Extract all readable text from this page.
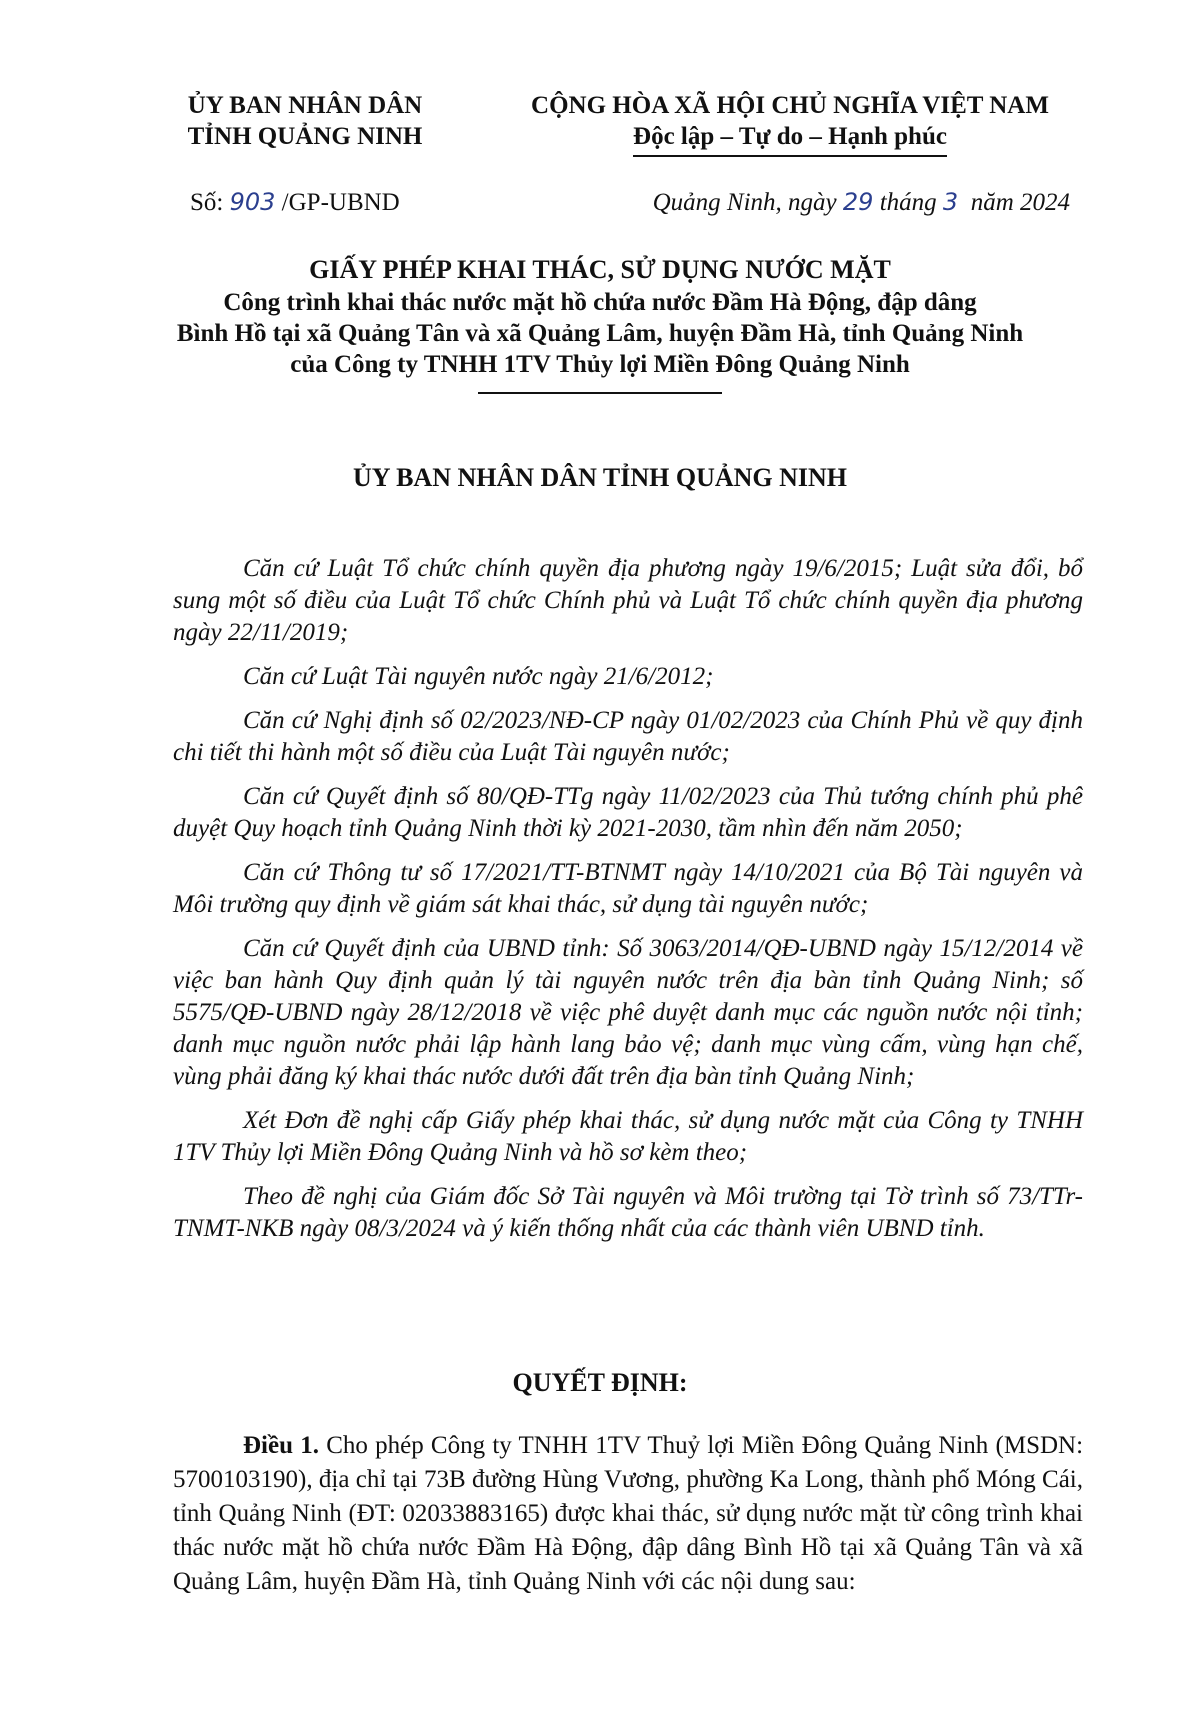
ỦY BAN NHÂN DÂN
TỈNH QUẢNG NINH
CỘNG HÒA XÃ HỘI CHỦ NGHĨA VIỆT NAM
Độc lập – Tự do – Hạnh phúc
Số: 903 /GP-UBND	Quảng Ninh, ngày 29 tháng 3 năm 2024
GIẤY PHÉP KHAI THÁC, SỬ DỤNG NƯỚC MẶT
Công trình khai thác nước mặt hồ chứa nước Đầm Hà Động, đập dâng
Bình Hồ tại xã Quảng Tân và xã Quảng Lâm, huyện Đầm Hà, tỉnh Quảng Ninh
của Công ty TNHH 1TV Thủy lợi Miền Đông Quảng Ninh
ỦY BAN NHÂN DÂN TỈNH QUẢNG NINH

Căn cứ Luật Tổ chức chính quyền địa phương ngày 19/6/2015; Luật sửa đổi, bổ sung một số điều của Luật Tổ chức Chính phủ và Luật Tổ chức chính quyền địa phương ngày 22/11/2019;

Căn cứ Luật Tài nguyên nước ngày 21/6/2012;

Căn cứ Nghị định số 02/2023/NĐ-CP ngày 01/02/2023 của Chính Phủ về quy định chi tiết thi hành một số điều của Luật Tài nguyên nước;

Căn cứ Quyết định số 80/QĐ-TTg ngày 11/02/2023 của Thủ tướng chính phủ phê duyệt Quy hoạch tỉnh Quảng Ninh thời kỳ 2021-2030, tầm nhìn đến năm 2050;

Căn cứ Thông tư số 17/2021/TT-BTNMT ngày 14/10/2021 của Bộ Tài nguyên và Môi trường quy định về giám sát khai thác, sử dụng tài nguyên nước;

Căn cứ Quyết định của UBND tỉnh: Số 3063/2014/QĐ-UBND ngày 15/12/2014 về việc ban hành Quy định quản lý tài nguyên nước trên địa bàn tỉnh Quảng Ninh; số 5575/QĐ-UBND ngày 28/12/2018 về việc phê duyệt danh mục các nguồn nước nội tỉnh; danh mục nguồn nước phải lập hành lang bảo vệ; danh mục vùng cấm, vùng hạn chế, vùng phải đăng ký khai thác nước dưới đất trên địa bàn tỉnh Quảng Ninh;

Xét Đơn đề nghị cấp Giấy phép khai thác, sử dụng nước mặt của Công ty TNHH 1TV Thủy lợi Miền Đông Quảng Ninh và hồ sơ kèm theo;

Theo đề nghị của Giám đốc Sở Tài nguyên và Môi trường tại Tờ trình số 73/TTr-TNMT-NKB ngày 08/3/2024 và ý kiến thống nhất của các thành viên UBND tỉnh.

QUYẾT ĐỊNH:

Điều 1. Cho phép Công ty TNHH 1TV Thuỷ lợi Miền Đông Quảng Ninh (MSDN: 5700103190), địa chỉ tại 73B đường Hùng Vương, phường Ka Long, thành phố Móng Cái, tỉnh Quảng Ninh (ĐT: 02033883165) được khai thác, sử dụng nước mặt từ công trình khai thác nước mặt hồ chứa nước Đầm Hà Động, đập dâng Bình Hồ tại xã Quảng Tân và xã Quảng Lâm, huyện Đầm Hà, tỉnh Quảng Ninh với các nội dung sau:
